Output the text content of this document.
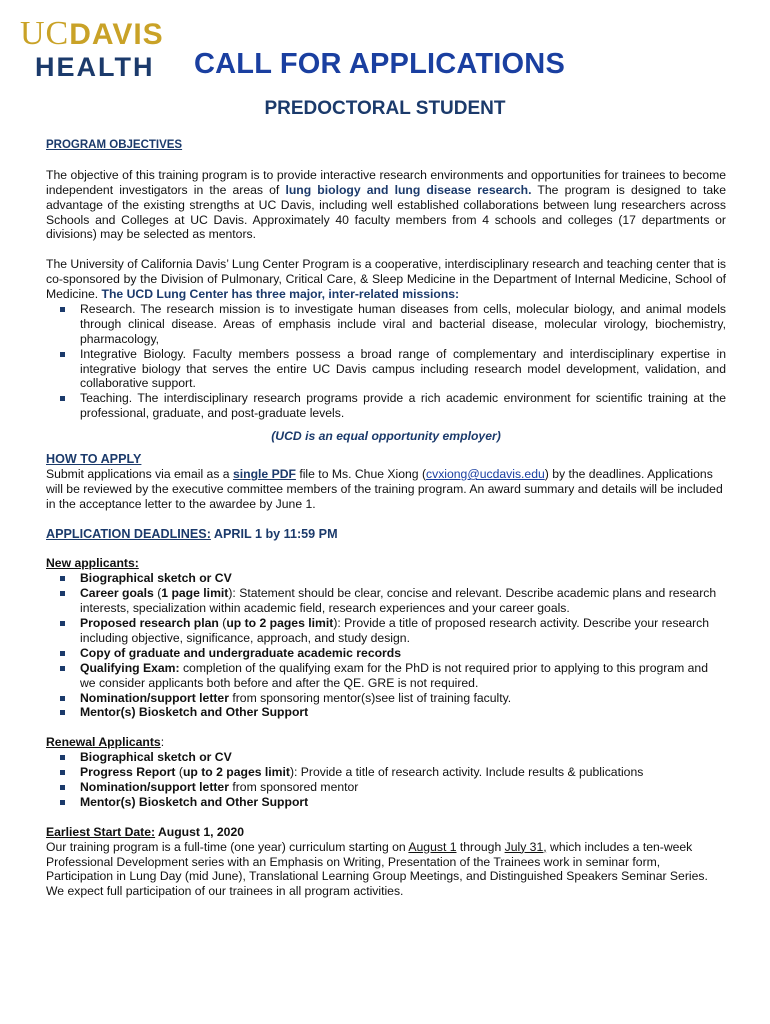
UCDAVIS
HEALTH	CALL FOR APPLICATIONS
PREDOCTORAL STUDENT

PROGRAM OBJECTIVES

The objective of this training program is to provide interactive research environments and opportunities for trainees to become independent investigators in the areas of lung biology and lung disease research. The program is designed to take advantage of the existing strengths at UC Davis, including well established collaborations between lung researchers across Schools and Colleges at UC Davis. Approximately 40 faculty members from 4 schools and colleges (17 departments or divisions) may be selected as mentors.

The University of California Davis’ Lung Center Program is a cooperative, interdisciplinary research and teaching center that is co-sponsored by the Division of Pulmonary, Critical Care, & Sleep Medicine in the Department of Internal Medicine, School of Medicine. The UCD Lung Center has three major, inter-related missions:

Research. The research mission is to investigate human diseases from cells, molecular biology, and animal models through clinical disease. Areas of emphasis include viral and bacterial disease, molecular virology, biochemistry, pharmacology,
Integrative Biology. Faculty members possess a broad range of complementary and interdisciplinary expertise in integrative biology that serves the entire UC Davis campus including research model development, validation, and collaborative support.
Teaching. The interdisciplinary research programs provide a rich academic environment for scientific training at the professional, graduate, and post-graduate levels.

(UCD is an equal opportunity employer)

HOW TO APPLY

Submit applications via email as a single PDF file to Ms. Chue Xiong (cvxiong@ucdavis.edu) by the deadlines. Applications will be reviewed by the executive committee members of the training program. An award summary and details will be included in the acceptance letter to the awardee by June 1.

APPLICATION DEADLINES: APRIL 1 by 11:59 PM

New applicants:

Biographical sketch or CV
Career goals (1 page limit): Statement should be clear, concise and relevant. Describe academic plans and research interests, specialization within academic field, research experiences and your career goals.
Proposed research plan (up to 2 pages limit): Provide a title of proposed research activity. Describe your research including objective, significance, approach, and study design.
Copy of graduate and undergraduate academic records
Qualifying Exam: completion of the qualifying exam for the PhD is not required prior to applying to this program and we consider applicants both before and after the QE. GRE is not required.
Nomination/support letter from sponsoring mentor(s)see list of training faculty.
Mentor(s) Biosketch and Other Support

Renewal Applicants:

Biographical sketch or CV
Progress Report (up to 2 pages limit): Provide a title of research activity. Include results & publications
Nomination/support letter from sponsored mentor
Mentor(s) Biosketch and Other Support

Earliest Start Date: August 1, 2020

Our training program is a full-time (one year) curriculum starting on August 1 through July 31, which includes a ten-week Professional Development series with an Emphasis on Writing, Presentation of the Trainees work in seminar form, Participation in Lung Day (mid June), Translational Learning Group Meetings, and Distinguished Speakers Seminar Series. We expect full participation of our trainees in all program activities.
